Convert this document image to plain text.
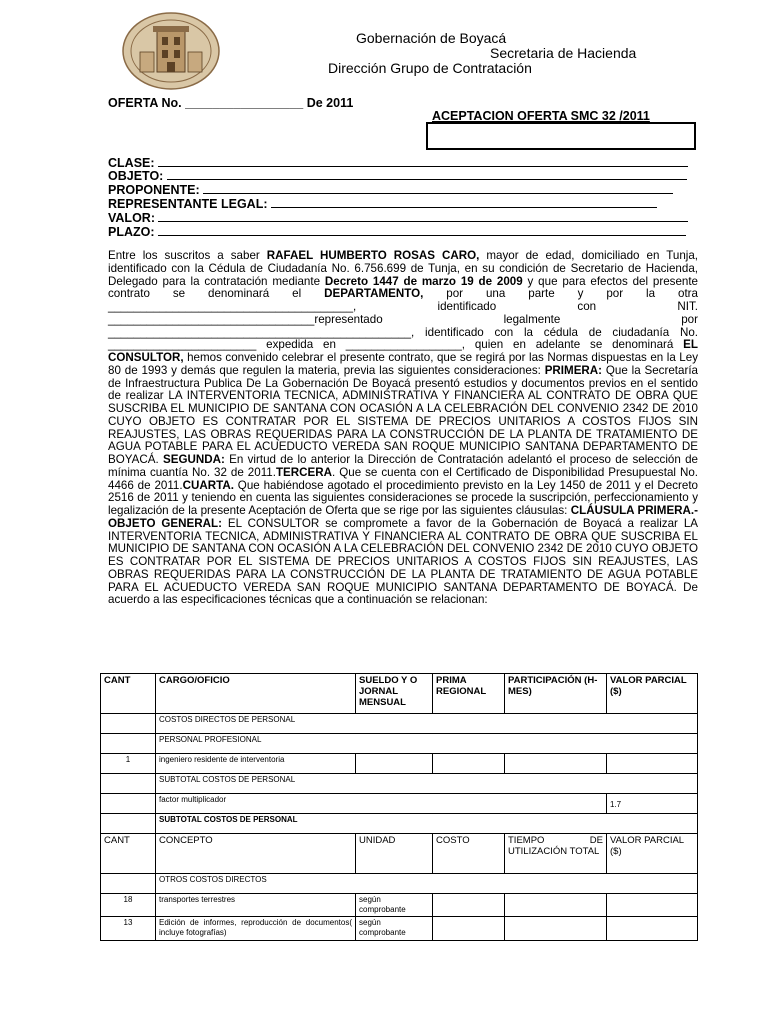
Gobernación de Boyacá
Secretaria de Hacienda
Dirección Grupo de Contratación
OFERTA No. _________________ De 2011
ACEPTACION OFERTA SMC 32 /2011
CLASE:
OBJETO:
PROPONENTE:
REPRESENTANTE LEGAL:
VALOR:
PLAZO:

Entre los suscritos a saber RAFAEL HUMBERTO ROSAS CARO, mayor de edad, domiciliado en Tunja, identificado con la Cédula de Ciudadanía No. 6.756.699 de Tunja, en su condición de Secretario de Hacienda, Delegado para la contratación mediante Decreto 1447 de marzo 19 de 2009 y que para efectos del presente contrato se denominará el DEPARTAMENTO, por una parte y por la otra ______________________________________, identificado con NIT. ________________________________representado legalmente por _______________________________________________, identificado con la cédula de ciudadanía No. _______________________ expedida en __________________, quien en adelante se denominará EL CONSULTOR, hemos convenido celebrar el presente contrato, que se regirá por las Normas dispuestas en la Ley 80 de 1993 y demás que regulen la materia, previa las siguientes consideraciones: PRIMERA: Que la Secretaría de Infraestructura Publica De La Gobernación De Boyacá presentó estudios y documentos previos en el sentido de realizar LA INTERVENTORIA TECNICA, ADMINISTRATIVA Y FINANCIERA AL CONTRATO DE OBRA QUE SUSCRIBA EL MUNICIPIO DE SANTANA CON OCASIÓN A LA CELEBRACIÓN DEL CONVENIO 2342 DE 2010 CUYO OBJETO ES CONTRATAR POR EL SISTEMA DE PRECIOS UNITARIOS A COSTOS FIJOS SIN REAJUSTES, LAS OBRAS REQUERIDAS PARA LA CONSTRUCCIÓN DE LA PLANTA DE TRATAMIENTO DE AGUA POTABLE PARA EL ACUEDUCTO VEREDA SAN ROQUE MUNICIPIO SANTANA DEPARTAMENTO DE BOYACÁ. SEGUNDA: En virtud de lo anterior la Dirección de Contratación adelantó el proceso de selección de mínima cuantía No. 32 de 2011.TERCERA. Que se cuenta con el Certificado de Disponibilidad Presupuestal No. 4466 de 2011.CUARTA. Que habiéndose agotado el procedimiento previsto en la Ley 1450 de 2011 y el Decreto 2516 de 2011 y teniendo en cuenta las siguientes consideraciones se procede la suscripción, perfeccionamiento y legalización de la presente Aceptación de Oferta que se rige por las siguientes cláusulas: CLÁUSULA PRIMERA.- OBJETO GENERAL: EL CONSULTOR se compromete a favor de la Gobernación de Boyacá a realizar LA INTERVENTORIA TECNICA, ADMINISTRATIVA Y FINANCIERA AL CONTRATO DE OBRA QUE SUSCRIBA EL MUNICIPIO DE SANTANA CON OCASIÓN A LA CELEBRACIÓN DEL CONVENIO 2342 DE 2010 CUYO OBJETO ES CONTRATAR POR EL SISTEMA DE PRECIOS UNITARIOS A COSTOS FIJOS SIN REAJUSTES, LAS OBRAS REQUERIDAS PARA LA CONSTRUCCIÓN DE LA PLANTA DE TRATAMIENTO DE AGUA POTABLE PARA EL ACUEDUCTO VEREDA SAN ROQUE MUNICIPIO SANTANA DEPARTAMENTO DE BOYACÁ. De acuerdo a las especificaciones técnicas que a continuación se relacionan:

CANT	CARGO/OFICIO	SUELDO Y O JORNAL MENSUAL	PRIMA REGIONAL	PARTICIPACIÓN (H-MES)	VALOR PARCIAL ($)
	COSTOS DIRECTOS DE PERSONAL				
	PERSONAL PROFESIONAL				
1	ingeniero residente de interventoria				
	SUBTOTAL COSTOS DE PERSONAL				
	factor multiplicador				1.7
	SUBTOTAL COSTOS DE PERSONAL				
CANT	CONCEPTO	UNIDAD	COSTO	TIEMPO DE UTILIZACIÓN TOTAL	VALOR PARCIAL ($)
	OTROS COSTOS DIRECTOS				
18	transportes terrestres	según comprobante			
13	Edición de informes, reproducción de documentos( incluye fotografías)	según comprobante			
